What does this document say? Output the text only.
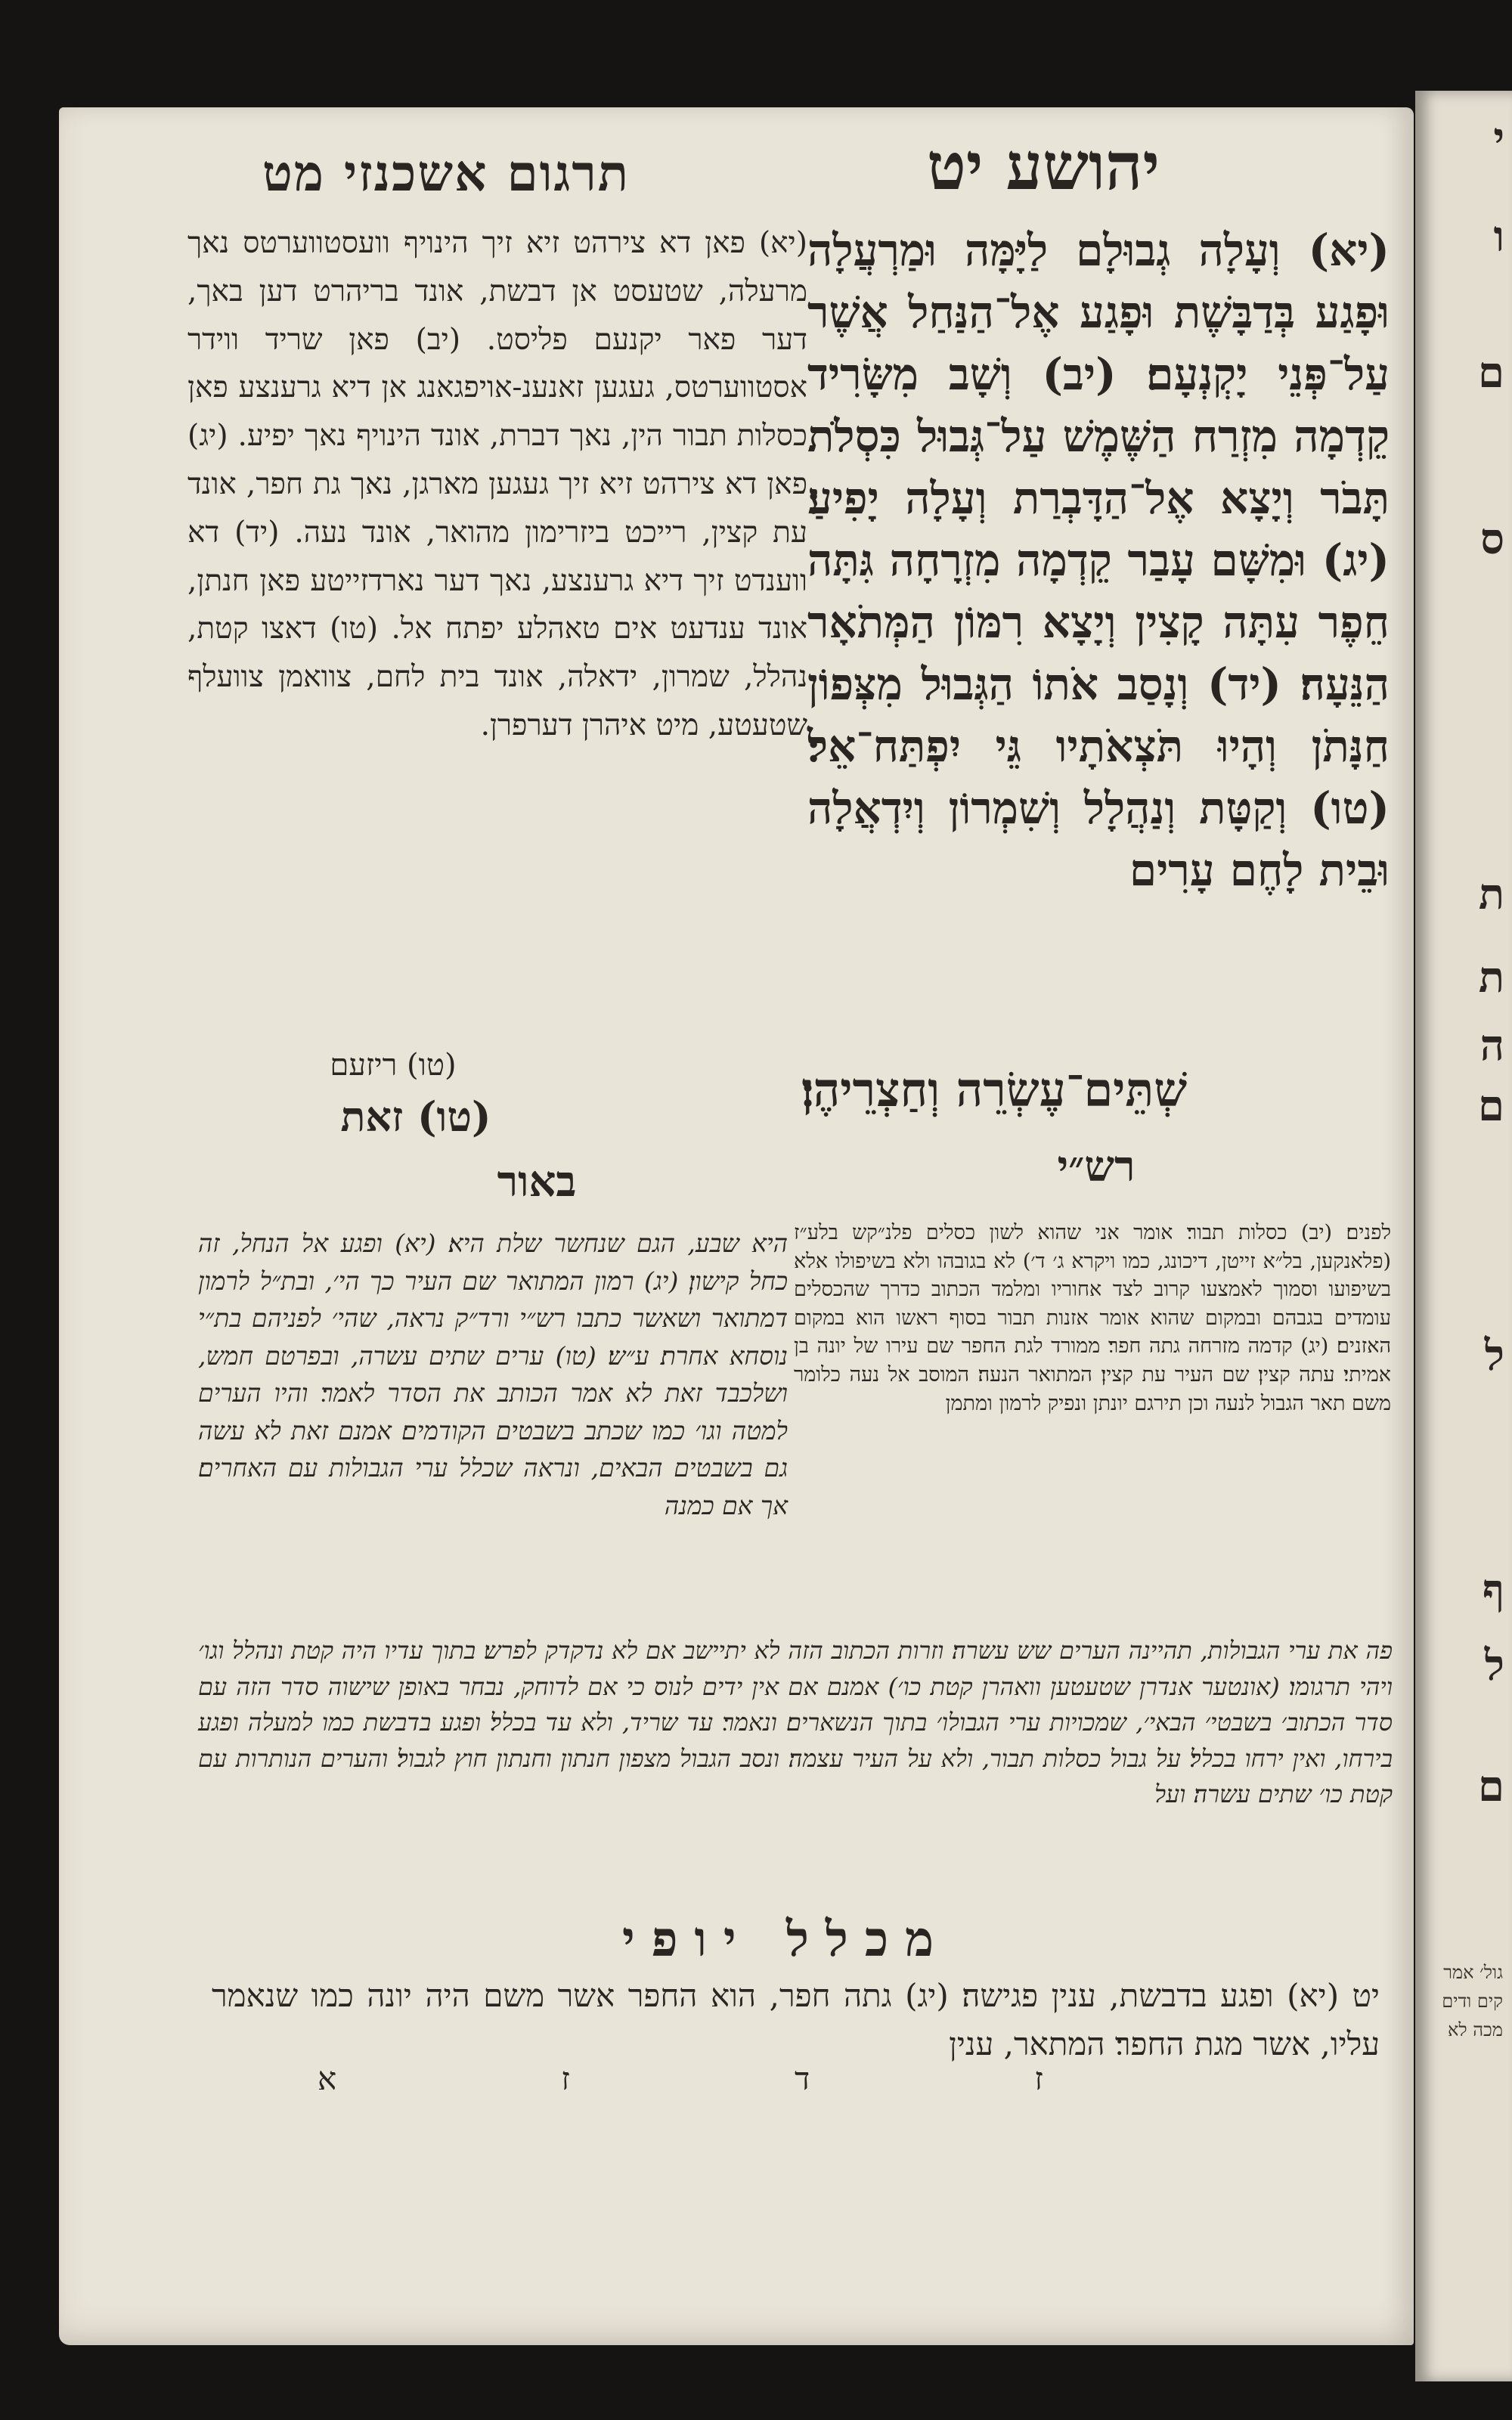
י
ו
ם
ס
ת
ת
ה
ם
ל
ף
ל
ם
גול׳ אמר קים ודים מכה לא
תרגום אשכנזי מט	יהושע יט
(יא) וְעָלָה גְבוּלָם לַיָּמָּה וּמַרְעֲלָה וּפָגַע בְּדַבָּשֶׁת וּפָגַע אֶל־הַנַּחַל אֲשֶׁר עַל־פְּנֵי יָקְנְעָם׃ (יב) וְשָׁב מִשָּׂרִיד קֵדְמָה מִזְרַח הַשֶּׁמֶשׁ עַל־גְּבוּל כִּסְלֹת תָּבֹר וְיָצָא אֶל־הַדָּבְרַת וְעָלָה יָפִיעַ׃ (יג) וּמִשָּׁם עָבַר קֵדְמָה מִזְרָחָה גִּתָּה חֵפֶר עִתָּה קָצִין וְיָצָא רִמּוֹן הַמְּתֹאָר הַנֵּעָה׃ (יד) וְנָסַב אֹתוֹ הַגְּבוּל מִצְּפוֹן חַנָּתֹן וְהָיוּ תֹּצְאֹתָיו גֵּי יִפְתַּח־אֵל׃ (טו) וְקַטָּת וְנַהֲלָל וְשִׁמְרוֹן וְיִדְאֲלָה וּבֵית לָחֶם עָרִים
(יא) פאן דא צירהט זיא זיך הינויף וועסטווערטס נאך מרעלה, שטעסט אן דבשת, אונד בריהרט דען באך, דער פאר יקנעם פליסט. (יב) פאן שריד ווידר אסטווערטס, געגען זאנענ-אויפגאנג אן דיא גרענצע פאן כסלות תבור הין, נאך דברת, אונד הינויף נאך יפיע. (יג) פאן דא צירהט זיא זיך געגען מארגן, נאך גת חפר, אונד עת קצין, רייכט ביזרימון מהואר, אונד נעה. (יד) דא ווענדט זיך דיא גרענצע, נאך דער נארדזייטע פאן חנתן, אונד ענדעט אים טאהלע יפתח אל. (טו) דאצו קטת, נהלל, שמרון, ידאלה, אונד בית לחם, צוואמן צוועלף שטעטע, מיט איהרן דערפרן.
(טו) ריזעם
(טו) זאת	שְׁתֵּים־עֶשְׂרֵה וְחַצְרֵיהֶן׃
באור	רש״י
היא שבע, הגם שנחשר שלת היא׃ (יא) ופגע אל הנחל, זה כחל קישון׃ (יג) רמון המתואר שם העיר כך הי׳, ובת״ל לרמון דמתואר ושאשר כתבו רש״י ורד״ק נראה, שהי׳ לפניהם בת״י נוסחא אחרת׃ ע״ש׃ (טו) ערים שתים עשרה, ובפרטם חמש, ושלכבד זאת לא אמר הכותב את הסדר לאמר׃ והיו הערים למטה וגו׳ כמו שכתב בשבטים הקודמים׃ אמנם זאת לא עשה גם בשבטים הבאים, ונראה שכלל ערי הגבולות עם האחרים׃ אך אם כמנה
לפנים׃ (יב) כסלות תבור׃ אומר אני שהוא לשון כסלים פלנ״קש בלע״ז (פלאנקען, בל״א זייטן, דיכונג, כמו ויקרא ג׳ ד׳) לא בגובהו ולא בשיפולו אלא בשיפועו וסמוך לאמצעו קרוב לצד אחוריו ומלמד הכתוב כדרך שהכסלים עומדים בגבהם ובמקום שהוא אומר אזנות תבור בסוף ראשו הוא במקום האזנים׃ (יג) קדמה מזרחה גתה חפר׃ ממורד לגת החפר שם עירו של יונה בן אמיתי׃ עתה קצין׃ שם העיר עת קצין׃ המתואר הנעה׃ המוסב אל נעה כלומר משם תאר הגבול לנעה וכן תירגם יונתן ונפיק לרמון ומתמן
פה את ערי הגבולות, תהיינה הערים שש עשרה׃ וזרות הכתוב הזה לא יתיישב אם לא נדקדק לפרש׃ בתוך עדיו היה קטת ונהלל וגו׳ ויהי תרגומו׃ (אונטער אנדרן שטעטען וואהרן קטת כו׳) אמנם אם אין ידים לנוס כי אם לדוחק, נבחר באופן שישוה סדר הזה עם סדר הכתוב׳ בשבטי׳ הבאי׳, שמכויות ערי הגבולו׳ בתוך הנשארים׃ ונאמר׃ עד שריד, ולא עד בכלל׃ ופגע בדבשת כמו למעלה ופגע בירחו, ואין ירחו בכלל׃ על גבול כסלות תבור, ולא על העיר עצמה׃ ונסב הגבול מצפון חנתון וחנתון חוץ לגבול׃ והערים הנותרות עם קטת כו׳ שתים עשרה׃ ועל
מכלל יופי
יט (יא) ופגע בדבשת, ענין פגישה׃ (יג) גתה חפר, הוא החפר אשר משם היה יונה כמו שנאמר עליו, אשר מגת החפר׃ המתאר, ענין
ז
ד
ז
א
